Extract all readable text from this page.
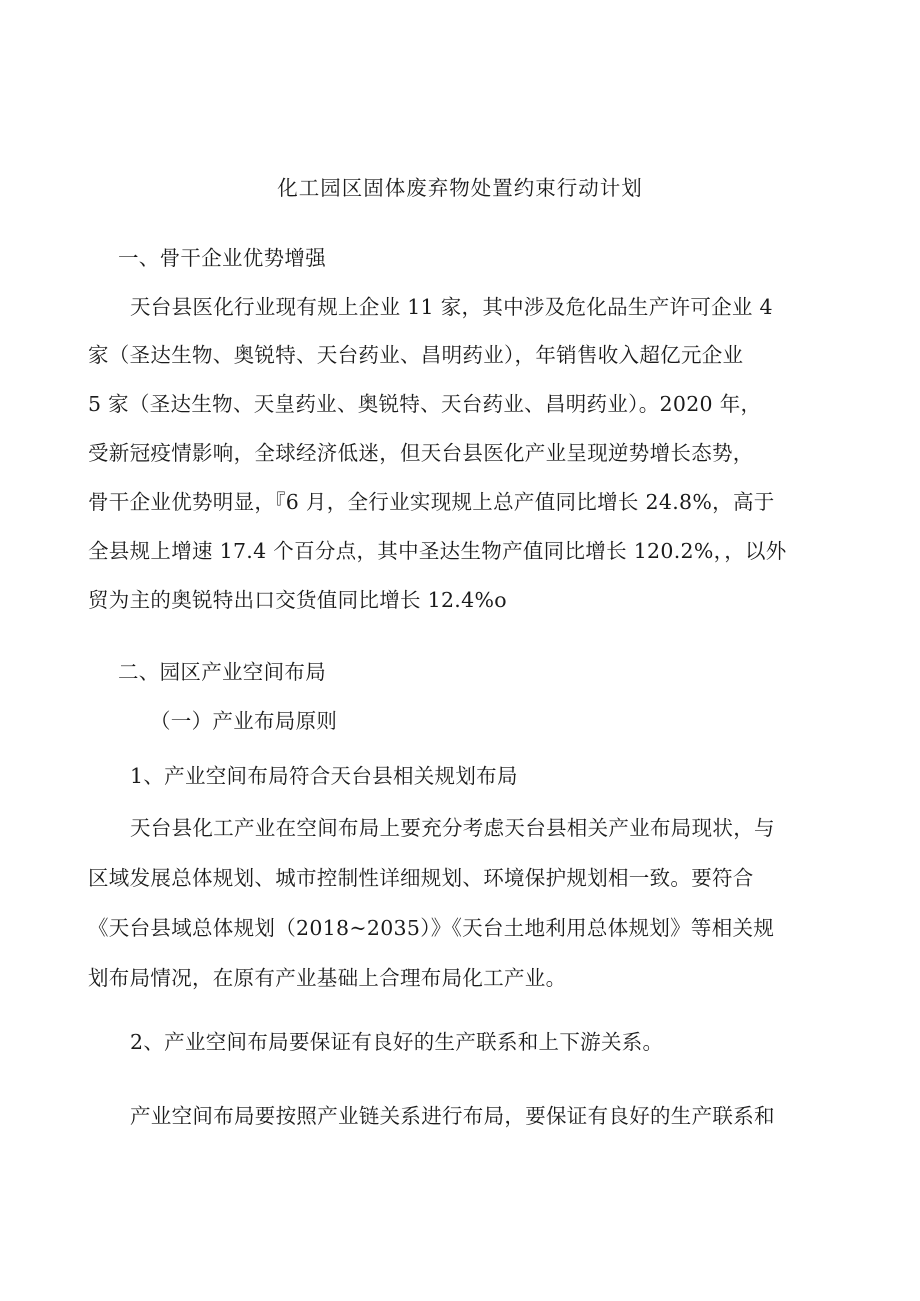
化工园区固体废弃物处置约束行动计划
一、骨干企业优势增强
天台县医化行业现有规上企业 11 家，其中涉及危化品生产许可企业 4
家（圣达生物、奥锐特、天台药业、昌明药业），年销售收入超亿元企业
5 家（圣达生物、天皇药业、奥锐特、天台药业、昌明药业）。2020 年，
受新冠疫情影响，全球经济低迷，但天台县医化产业呈现逆势增长态势，
骨干企业优势明显，『6 月，全行业实现规上总产值同比增长 24.8%，高于
全县规上增速 17.4 个百分点，其中圣达生物产值同比增长 120.2%，，以外
贸为主的奥锐特出口交货值同比增长 12.4%o
二、园区产业空间布局
（一）产业布局原则
1、产业空间布局符合天台县相关规划布局
天台县化工产业在空间布局上要充分考虑天台县相关产业布局现状，与
区域发展总体规划、城市控制性详细规划、环境保护规划相一致。要符合
《天台县域总体规划（2018~2035）》《天台土地利用总体规划》等相关规
划布局情况，在原有产业基础上合理布局化工产业。
2、产业空间布局要保证有良好的生产联系和上下游关系。
产业空间布局要按照产业链关系进行布局，要保证有良好的生产联系和
